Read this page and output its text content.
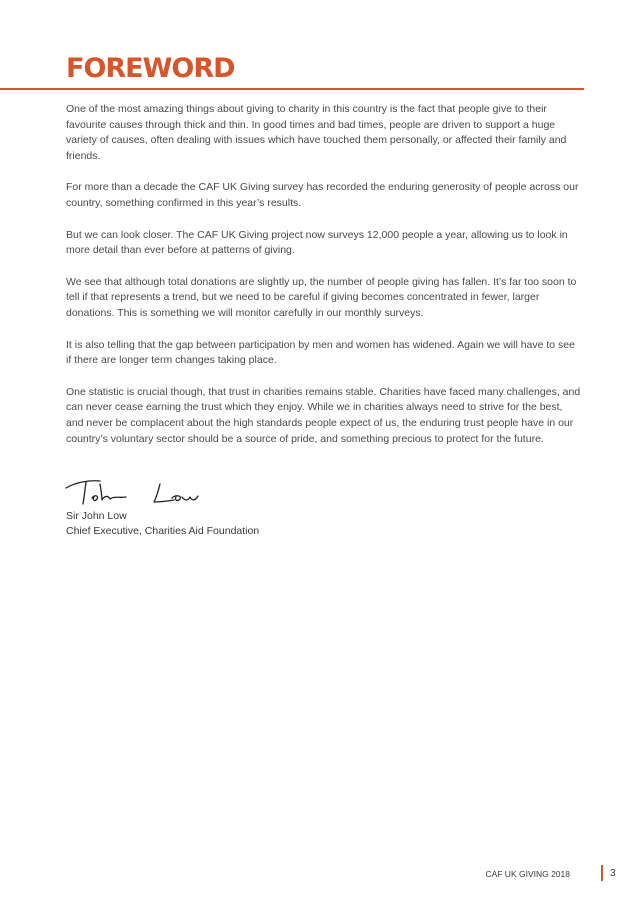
FOREWORD

One of the most amazing things about giving to charity in this country is the fact that people give to their favourite causes through thick and thin. In good times and bad times, people are driven to support a huge variety of causes, often dealing with issues which have touched them personally, or affected their family and friends.

For more than a decade the CAF UK Giving survey has recorded the enduring generosity of people across our country, something confirmed in this year’s results.

But we can look closer. The CAF UK Giving project now surveys 12,000 people a year, allowing us to look in more detail than ever before at patterns of giving.

We see that although total donations are slightly up, the number of people giving has fallen. It’s far too soon to tell if that represents a trend, but we need to be careful if giving becomes concentrated in fewer, larger donations. This is something we will monitor carefully in our monthly surveys.

It is also telling that the gap between participation by men and women has widened. Again we will have to see if there are longer term changes taking place.

One statistic is crucial though, that trust in charities remains stable. Charities have faced many challenges, and can never cease earning the trust which they enjoy. While we in charities always need to strive for the best, and never be complacent about the high standards people expect of us, the enduring trust people have in our country’s voluntary sector should be a source of pride, and something precious to protect for the future.

Sir John Low
Chief Executive, Charities Aid Foundation
CAF UK GIVING 2018	3
